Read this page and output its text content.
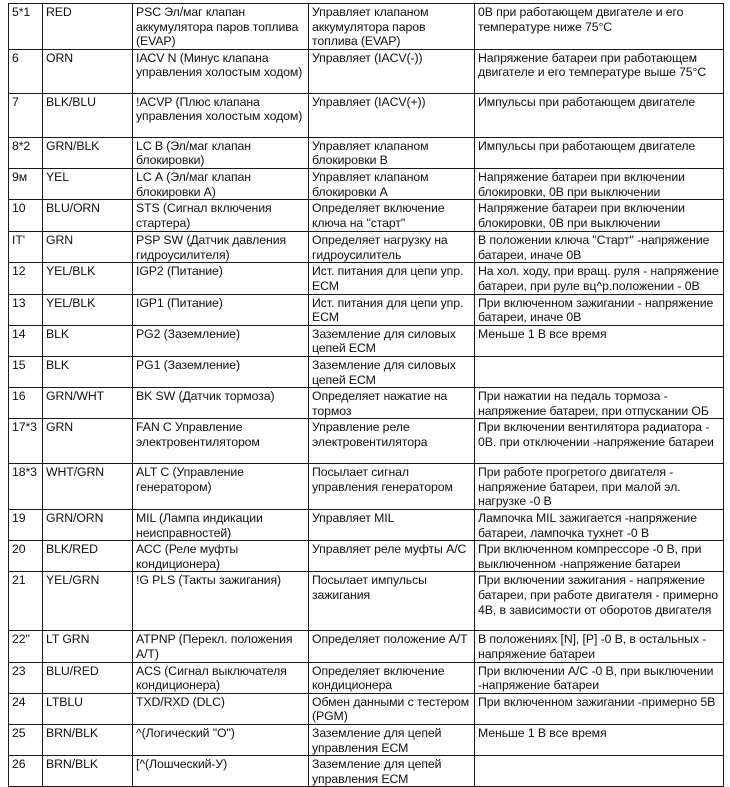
5*1	RED	PSC Эл/маг клапан аккумулятора паров топлива (EVAP)	Управляет клапаном аккумулятора паров топлива (EVAP)	0В при работающем двигателе и его температуре ниже 75°С
6	ORN	IACV N (Минус клапана управления холостым ходом)	Управляет (IACV(-))	Напряжение батареи при работающем двигателе и его температуре выше 75°С
7	BLK/BLU	!ACVP (Плюс клапана управления холостым ходом)	Управляет (IACV(+))	Импульсы при работающем двигателе
8*2	GRN/BLK	LC В (Эл/маг клапан блокировки)	Управляет клапаном блокировки В	Импульсы при работающем двигателе
9м	YEL	LC А (Эл/маг клапан блокировки А)	Управляет клапаном блокировки А	Напряжение батареи при включении блокировки, 0В при выключении
10	BLU/ORN	STS (Сигнал включения стартера)	Определяет включение ключа на "старт"	Напряжение батареи при включении блокировки, 0В при выключении
IT'	GRN	PSP SW (Датчик давления гидроусилителя)	Определяет нагрузку на гидроусилитель	В положении ключа "Старт" -напряжение батареи, иначе 0В
12	YEL/BLK	IGP2 (Питание)	Ист. питания для цепи упр. ЕСМ	На хол. ходу, при вращ. руля - напряжение батареи, при руле вц^р.положении - 0В
13	YEL/BLK	IGP1 (Питание)	Ист. питания для цепи упр. ЕСМ	При включенном зажигании - напряжение батареи, иначе 0В
14	BLK	PG2 (Заземление)	Заземление для силовых цепей ЕСМ	Меньше 1 В все время
15	BLK	PG1 (Заземление)	Заземление для силовых цепей ЕСМ	
16	GRN/WHT	BK SW (Датчик тормоза)	Определяет нажатие на тормоз	При нажатии на педаль тормоза - напряжение батареи, при отпускании ОБ
17*3	GRN	FAN С Управление электровентилятором	Управление реле электровентилятора	При включении вентилятора радиатора - 0В. при отключении -напряжение батареи
18*3	WHT/GRN	ALT С (Управление генератором)	Посылает сигнал управления генератором	При работе прогретого двигателя - напряжение батареи, при малой эл. нагрузке -0 В
19	GRN/ORN	MIL (Лампа индикации неисправностей)	Управляет MIL	Лампочка MIL зажигается -напряжение батареи, лампочка тухнет -0 В
20	BLK/RED	АСС (Реле муфты кондиционера)	Управляет реле муфты А/С	При включенном компрессоре -0 В, при выключенном -напряжение батареи
21	YEL/GRN	!G PLS (Такты зажигания)	Посылает импульсы зажигания	При включении зажигания - напряжение батареи, при работе двигателя - примерно 4В, в зависимости от оборотов двигателя
22"	LT GRN	ATPNP (Перекл. положения А/Т)	Определяет положение А/Т	В положениях [N], [P] -0 В, в остальных - напряжение батареи
23	BLU/RED	ACS (Сигнал выключателя кондиционера)	Определяет включение кондиционера	При включении А/С -0 В, при выключении -напряжение батареи
24	LTBLU	TXD/RXD (DLC)	Обмен данными с тестером (PGM)	При включенном зажигании -примерно 5В
25	BRN/BLK	^(Логический "О")	Заземление для цепей управления ЕСМ	Меньше 1 В все время
26	BRN/BLK	[^(Лошческий-У)	Заземление для цепей управления ЕСМ	
